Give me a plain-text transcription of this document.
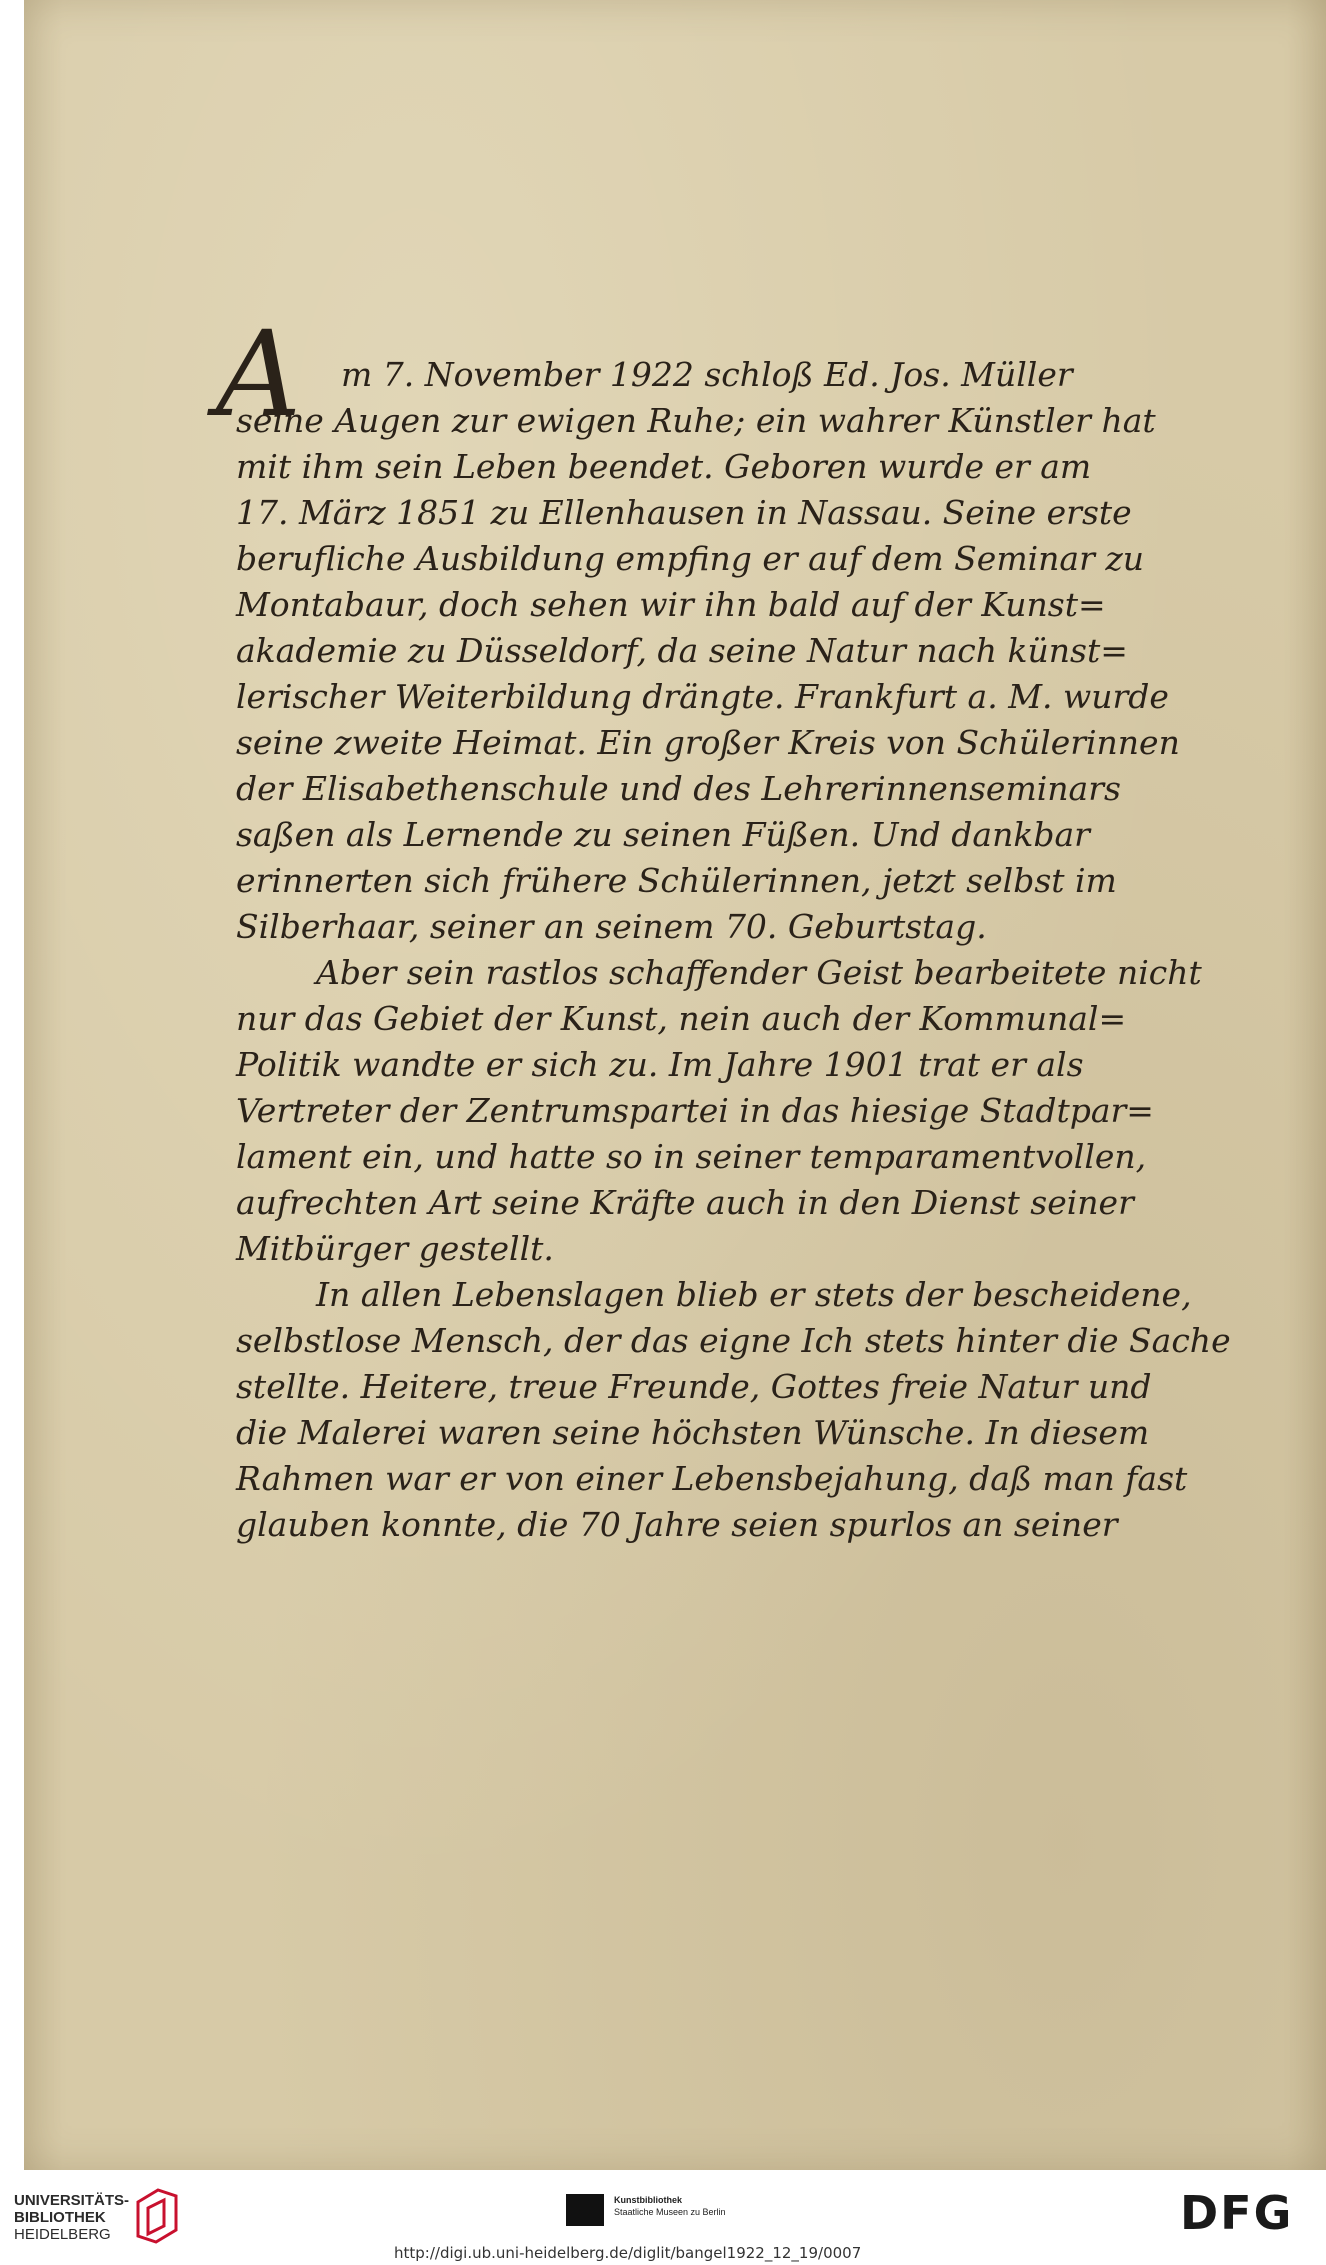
A	m 7. November 1922 schloß Ed. Jos. Müller
seine Augen zur ewigen Ruhe; ein wahrer Künstler hat
mit ihm sein Leben beendet. Geboren wurde er am
17. März 1851 zu Ellenhausen in Nassau. Seine erste
berufliche Ausbildung empfing er auf dem Seminar zu
Montabaur, doch sehen wir ihn bald auf der Kunst=
akademie zu Düsseldorf, da seine Natur nach künst=
lerischer Weiterbildung drängte. Frankfurt a. M. wurde
seine zweite Heimat. Ein großer Kreis von Schülerinnen
der Elisabethenschule und des Lehrerinnenseminars
saßen als Lernende zu seinen Füßen. Und dankbar
erinnerten sich frühere Schülerinnen, jetzt selbst im
Silberhaar, seiner an seinem 70. Geburtstag.
Aber sein rastlos schaffender Geist bearbeitete nicht
nur das Gebiet der Kunst, nein auch der Kommunal=
Politik wandte er sich zu. Im Jahre 1901 trat er als
Vertreter der Zentrumspartei in das hiesige Stadtpar=
lament ein, und hatte so in seiner temparamentvollen,
aufrechten Art seine Kräfte auch in den Dienst seiner
Mitbürger gestellt.
In allen Lebenslagen blieb er stets der bescheidene,
selbstlose Mensch, der das eigne Ich stets hinter die Sache
stellte. Heitere, treue Freunde, Gottes freie Natur und
die Malerei waren seine höchsten Wünsche. In diesem
Rahmen war er von einer Lebensbejahung, daß man fast
glauben konnte, die 70 Jahre seien spurlos an seiner
UNIVERSITÄTS-
BIBLIOTHEK
HEIDELBERG
Kunstbibliothek
Staatliche Museen zu Berlin	DFG
http://digi.ub.uni-heidelberg.de/diglit/bangel1922_12_19/0007
